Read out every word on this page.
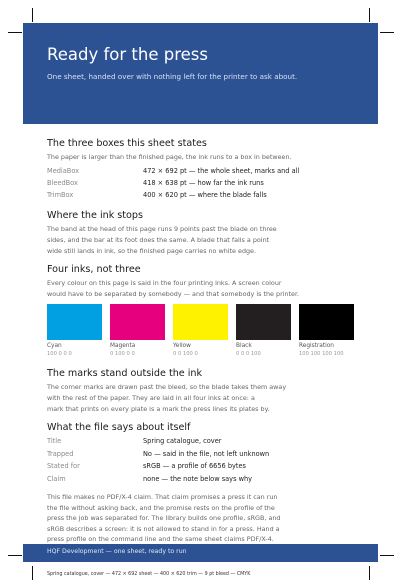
Ready for the press

One sheet, handed over with nothing left for the printer to ask about.

The three boxes this sheet states

The paper is larger than the finished page, the ink runs to a box in between.

MediaBox	472 × 692 pt — the whole sheet, marks and all
BleedBox	418 × 638 pt — how far the ink runs
TrimBox	400 × 620 pt — where the blade falls
Where the ink stops

The band at the head of this page runs 9 points past the blade on three

sides, and the bar at its foot does the same. A blade that falls a point

wide still lands in ink, so the finished page carries no white edge.

Four inks, not three

Every colour on this page is said in the four printing inks. A screen colour

would have to be separated by somebody — and that somebody is the printer.

Cyan
100 0 0 0
Magenta
0 100 0 0
Yellow
0 0 100 0
Black
0 0 0 100
Registration
100 100 100 100
The marks stand outside the ink

The corner marks are drawn past the bleed, so the blade takes them away

with the rest of the paper. They are laid in all four inks at once: a

mark that prints on every plate is a mark the press lines its plates by.

What the file says about itself
Title	Spring catalogue, cover
Trapped	No — said in the file, not left unknown
Stated for	sRGB — a profile of 6656 bytes
Claim	none — the note below says why

This file makes no PDF/X-4 claim. That claim promises a press it can run

the file without asking back, and the promise rests on the profile of the

press the job was separated for. The library builds one profile, sRGB, and

sRGB describes a screen: it is not allowed to stand in for a press. Hand a

press profile on the command line and the same sheet claims PDF/X-4.

HQF Development — one sheet, ready to run
Spring catalogue, cover — 472 × 692 sheet — 400 × 620 trim — 9 pt bleed — CMYK
